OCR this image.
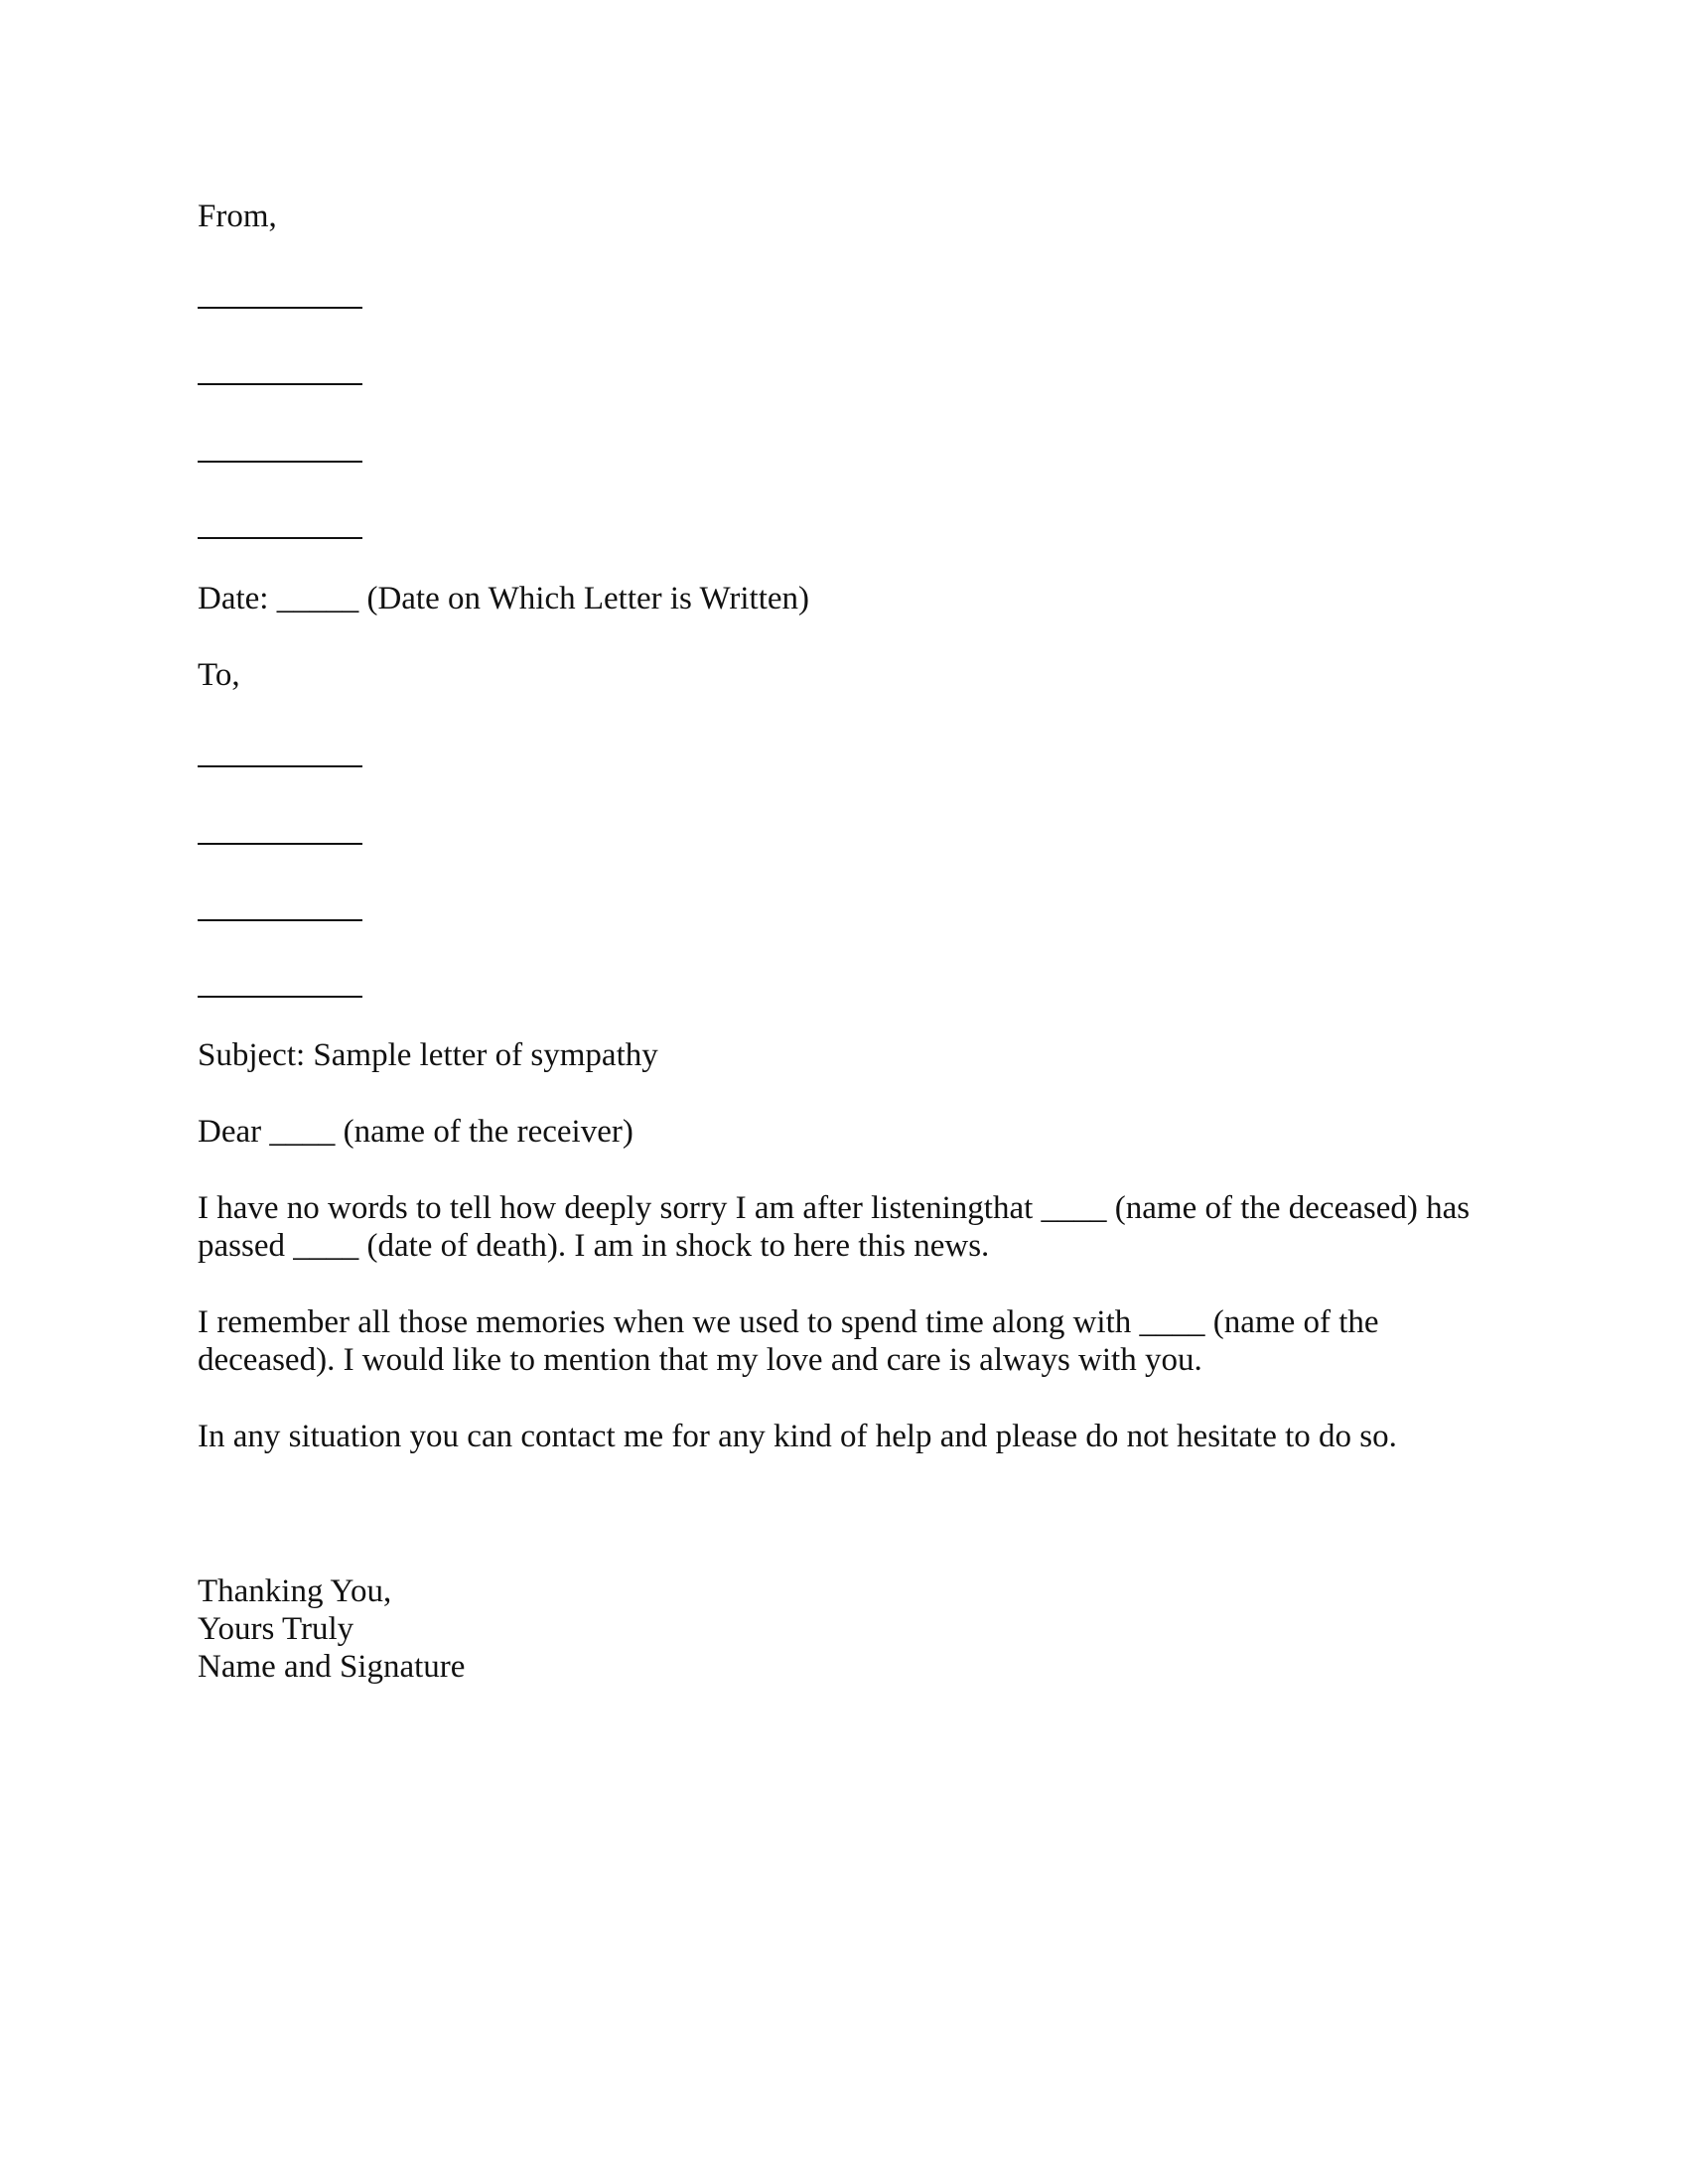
From,

Date: _____ (Date on Which Letter is Written)

To,

Subject: Sample letter of sympathy

Dear ____ (name of the receiver)

I have no words to tell how deeply sorry I am after listeningthat ____ (name of the deceased) has passed ____ (date of death). I am in shock to here this news.

I remember all those memories when we used to spend time along with ____ (name of the deceased). I would like to mention that my love and care is always with you.

In any situation you can contact me for any kind of help and please do not hesitate to do so.

Thanking You,

Yours Truly

Name and Signature
